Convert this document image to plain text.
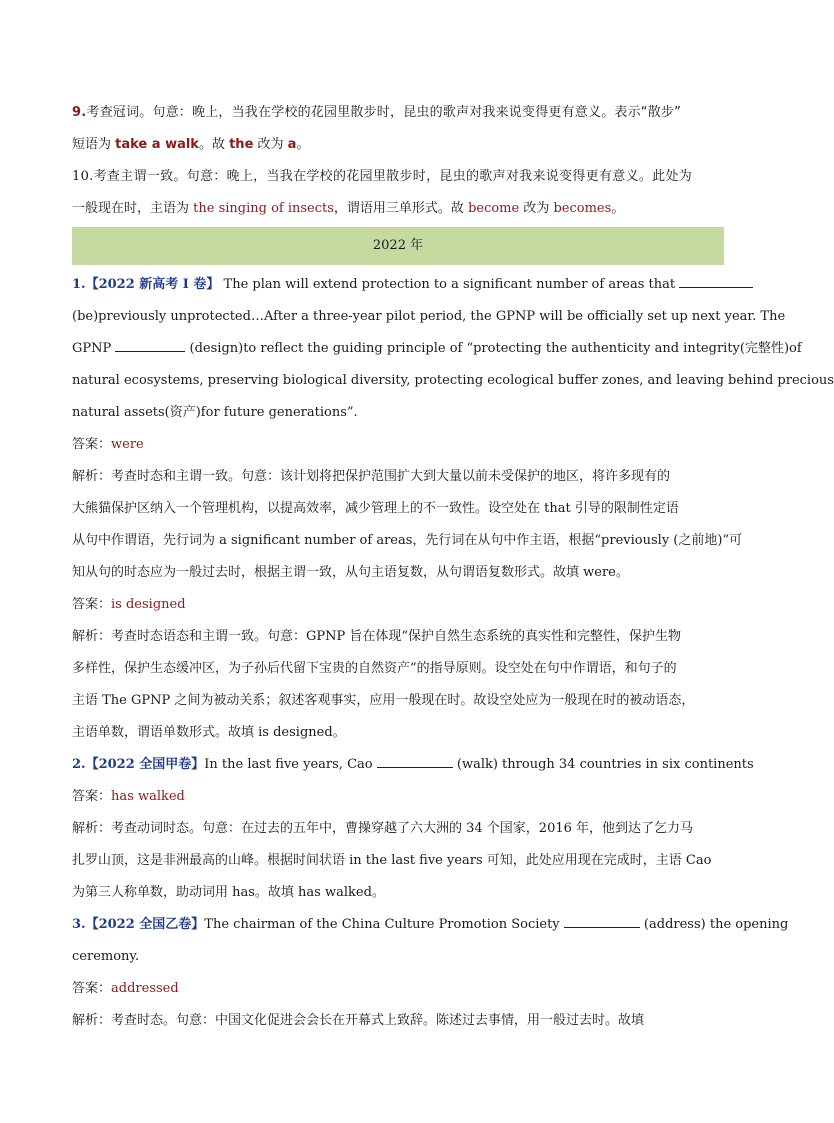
9.考查冠词。句意：晚上，当我在学校的花园里散步时，昆虫的歌声对我来说变得更有意义。表示“散步”

短语为 take a walk。故 the 改为 a。

10.考查主谓一致。句意：晚上，当我在学校的花园里散步时，昆虫的歌声对我来说变得更有意义。此处为

一般现在时，主语为 the singing of insects，谓语用三单形式。故 become 改为 becomes。

2022 年

1.【2022 新高考 I 卷】 The plan will extend protection to a significant number of areas that

(be)previously unprotected…After a three-year pilot period, the GPNP will be officially set up next year. The

GPNP	(design)to reflect the guiding principle of “protecting the authenticity and integrity(完整性)of

natural ecosystems, preserving biological diversity, protecting ecological buffer zones, and leaving behind precious

natural assets(资产)for future generations”.

答案：were

解析：考查时态和主谓一致。句意：该计划将把保护范围扩大到大量以前未受保护的地区，将许多现有的

大熊猫保护区纳入一个管理机构，以提高效率，减少管理上的不一致性。设空处在 that 引导的限制性定语

从句中作谓语，先行词为 a significant number of areas，先行词在从句中作主语，根据“previously (之前地)”可

知从句的时态应为一般过去时，根据主谓一致，从句主语复数，从句谓语复数形式。故填 were。

答案：is designed

解析：考查时态语态和主谓一致。句意：GPNP 旨在体现“保护自然生态系统的真实性和完整性，保护生物

多样性，保护生态缓冲区，为子孙后代留下宝贵的自然资产”的指导原则。设空处在句中作谓语，和句子的

主语 The GPNP 之间为被动关系；叙述客观事实，应用一般现在时。故设空处应为一般现在时的被动语态，

主语单数，谓语单数形式。故填 is designed。

2.【2022 全国甲卷】In the last five years, Cao	(walk) through 34 countries in six continents

答案：has walked

解析：考查动词时态。句意：在过去的五年中，曹操穿越了六大洲的 34 个国家，2016 年，他到达了乞力马

扎罗山顶，这是非洲最高的山峰。根据时间状语 in the last five years 可知，此处应用现在完成时，主语 Cao

为第三人称单数，助动词用 has。故填 has walked。

3.【2022 全国乙卷】The chairman of the China Culture Promotion Society	(address) the opening

ceremony.

答案：addressed

解析：考查时态。句意：中国文化促进会会长在开幕式上致辞。陈述过去事情，用一般过去时。故填
